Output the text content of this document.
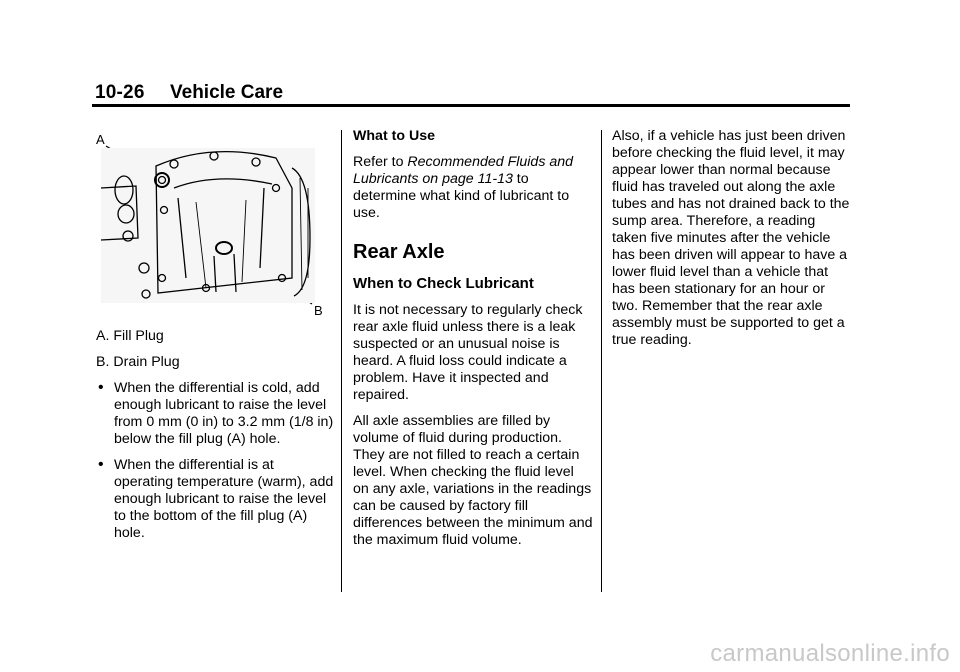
10-26 Vehicle Care
A
B
A. Fill Plug
B. Drain Plug
• When the differential is cold, add enough lubricant to raise the level from 0 mm (0 in) to 3.2 mm (1/8 in) below the fill plug (A) hole.
• When the differential is at operating temperature (warm), add enough lubricant to raise the level to the bottom of the fill plug (A) hole.
What to Use
Refer to Recommended Fluids and Lubricants on page 11-13 to determine what kind of lubricant to use.
Rear Axle
When to Check Lubricant
It is not necessary to regularly check rear axle fluid unless there is a leak suspected or an unusual noise is heard. A fluid loss could indicate a problem. Have it inspected and repaired.
All axle assemblies are filled by volume of fluid during production. They are not filled to reach a certain level. When checking the fluid level on any axle, variations in the readings can be caused by factory fill differences between the minimum and the maximum fluid volume.
Also, if a vehicle has just been driven before checking the fluid level, it may appear lower than normal because fluid has traveled out along the axle tubes and has not drained back to the sump area. Therefore, a reading taken five minutes after the vehicle has been driven will appear to have a lower fluid level than a vehicle that has been stationary for an hour or two. Remember that the rear axle assembly must be supported to get a true reading.
carmanualsonline.info
